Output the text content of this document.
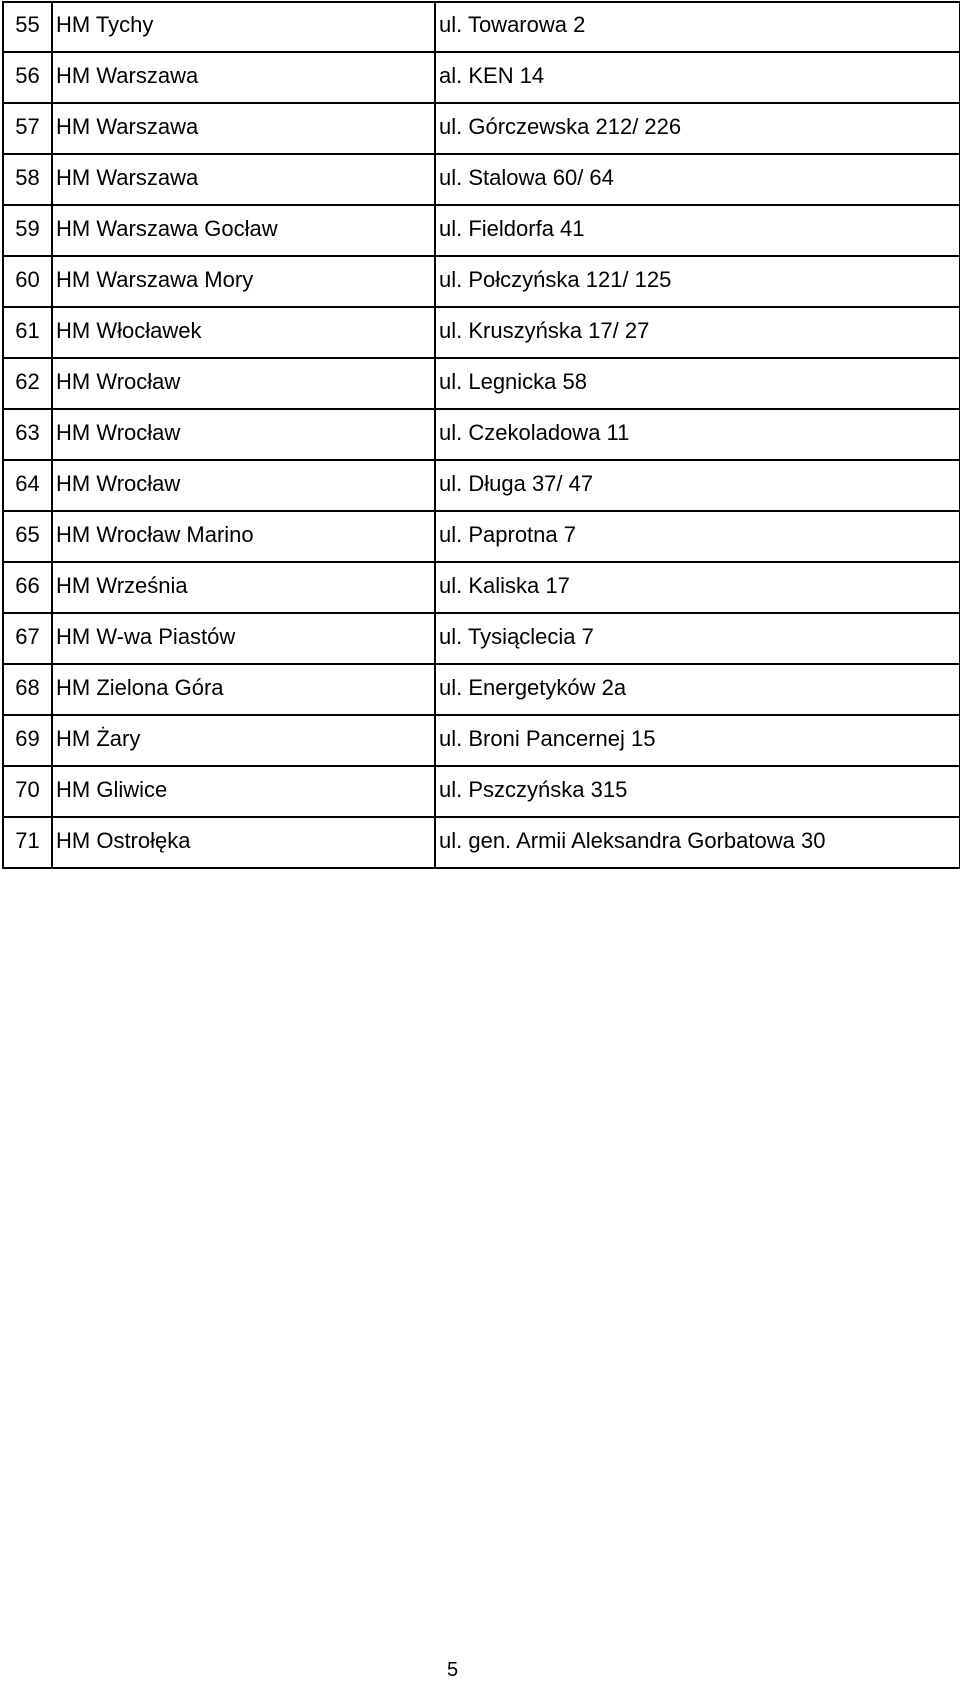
55	HM Tychy	ul. Towarowa 2
56	HM Warszawa	al. KEN 14
57	HM Warszawa	ul. Górczewska 212/ 226
58	HM Warszawa	ul. Stalowa 60/ 64
59	HM Warszawa Gocław	ul. Fieldorfa 41
60	HM Warszawa Mory	ul. Połczyńska 121/ 125
61	HM Włocławek	ul. Kruszyńska 17/ 27
62	HM Wrocław	ul. Legnicka 58
63	HM Wrocław	ul. Czekoladowa 11
64	HM Wrocław	ul. Długa 37/ 47
65	HM Wrocław Marino	ul. Paprotna 7
66	HM Września	ul. Kaliska 17
67	HM W-wa Piastów	ul. Tysiąclecia 7
68	HM Zielona Góra	ul. Energetyków 2a
69	HM Żary	ul. Broni Pancernej 15
70	HM Gliwice	ul. Pszczyńska 315
71	HM Ostrołęka	ul. gen. Armii Aleksandra Gorbatowa 30
5
